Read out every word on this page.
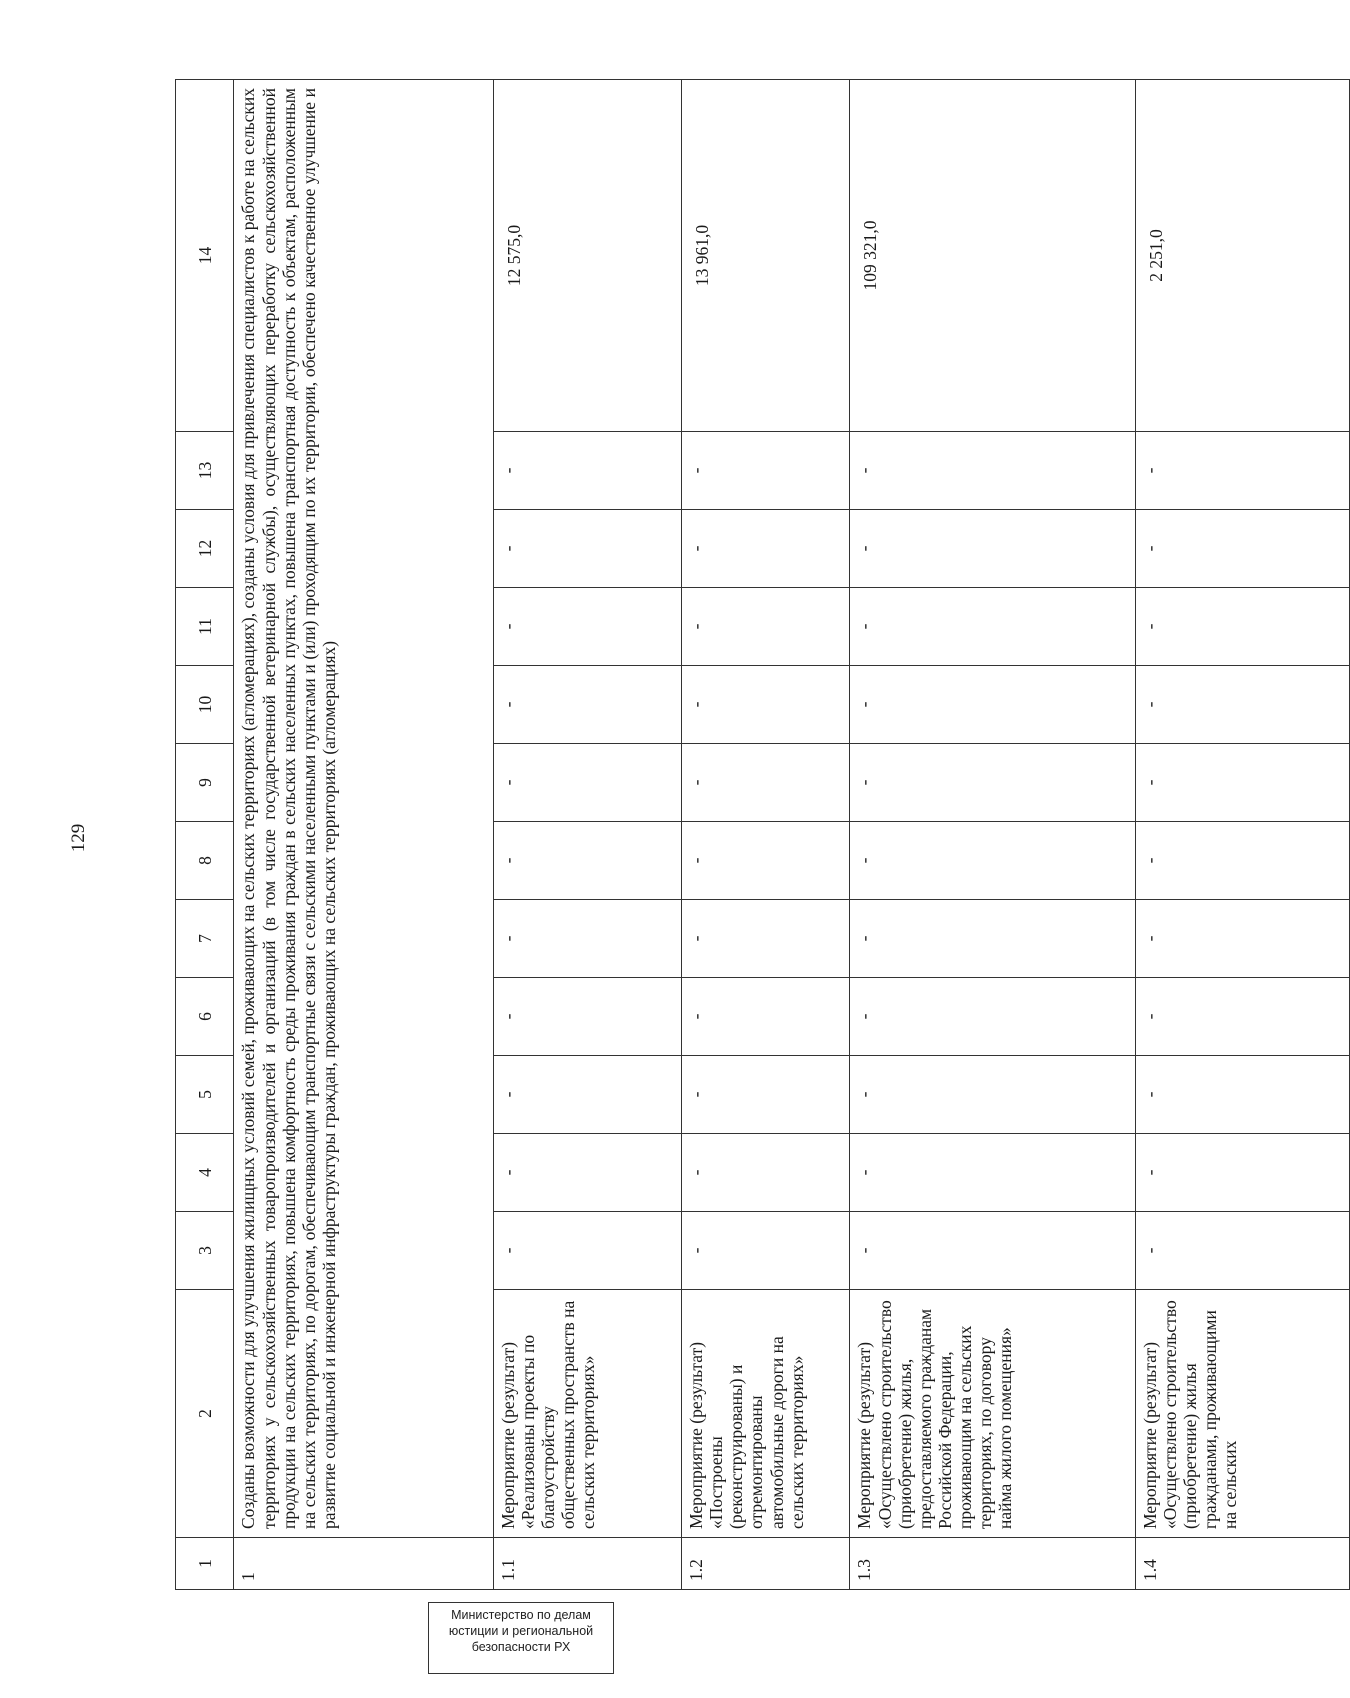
129
1	2	3	4	5	6	7	8	9	10	11	12	13	14
1	Созданы возможности для улучшения жилищных условий семей, проживающих на сельских территориях (агломерациях), созданы условия для привлечения специалистов к работе на сельских территориях у сельскохозяйственных товаропроизводителей и организаций (в том числе государственной ветеринарной службы), осуществляющих переработку сельскохозяйственной продукции на сельских территориях, повышена комфортность среды проживания граждан в сельских населенных пунктах, повышена транспортная доступность к объектам, расположенным на сельских территориях, по дорогам, обеспечивающим транспортные связи с сельскими населенными пунктами и (или) проходящим по их территории, обеспечено качественное улучшение и развитие социальной и инженерной инфраструктуры граждан, проживающих на сельских территориях (агломерациях)												
1.1	Мероприятие (результат) «Реализованы проекты по благоустройству общественных пространств на сельских территориях»	-	-	-	-	-	-	-	-	-	-	-	12 575,0
1.2	Мероприятие (результат) «Построены (реконструированы) и отремонтированы автомобильные дороги на сельских территориях»	-	-	-	-	-	-	-	-	-	-	-	13 961,0
1.3	Мероприятие (результат) «Осуществлено строительство (приобретение) жилья, предоставляемого гражданам Российской Федерации, проживающим на сельских территориях, по договору найма жилого помещения»	-	-	-	-	-	-	-	-	-	-	-	109 321,0
1.4	Мероприятие (результат) «Осуществлено строительство (приобретение) жилья гражданами, проживающими на сельских	-	-	-	-	-	-	-	-	-	-	-	2 251,0
Министерство по делам
юстиции и региональной
безопасности РХ
